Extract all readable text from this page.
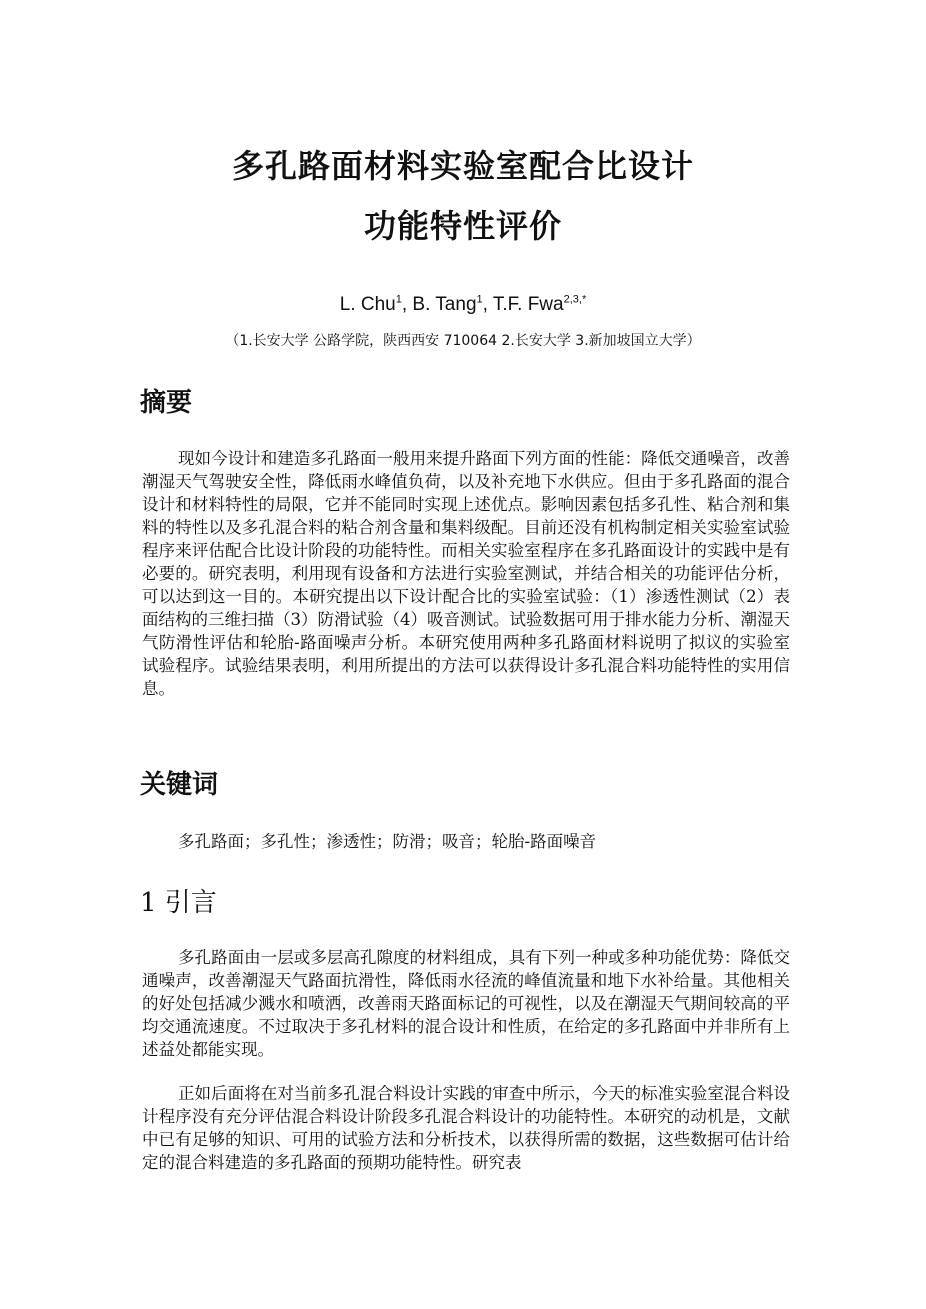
多孔路面材料实验室配合比设计
功能特性评价
L. Chu$^1$, B. Tang$^1$, T.F. Fwa$^{2,3,*}$
（1.长安大学 公路学院，陕西西安 710064 2.长安大学 3.新加坡国立大学）
摘要

现如今设计和建造多孔路面一般用来提升路面下列方面的性能：降低交通噪音，改善潮湿天气驾驶安全性，降低雨水峰值负荷，以及补充地下水供应。但由于多孔路面的混合设计和材料特性的局限，它并不能同时实现上述优点。影响因素包括多孔性、粘合剂和集料的特性以及多孔混合料的粘合剂含量和集料级配。目前还没有机构制定相关实验室试验程序来评估配合比设计阶段的功能特性。而相关实验室程序在多孔路面设计的实践中是有必要的。研究表明，利用现有设备和方法进行实验室测试，并结合相关的功能评估分析，可以达到这一目的。本研究提出以下设计配合比的实验室试验：（1）渗透性测试（2）表面结构的三维扫描（3）防滑试验（4）吸音测试。试验数据可用于排水能力分析、潮湿天气防滑性评估和轮胎-路面噪声分析。本研究使用两种多孔路面材料说明了拟议的实验室试验程序。试验结果表明，利用所提出的方法可以获得设计多孔混合料功能特性的实用信息。

关键词

多孔路面；多孔性；渗透性；防滑；吸音；轮胎-路面噪音

1 引言

多孔路面由一层或多层高孔隙度的材料组成，具有下列一种或多种功能优势：降低交通噪声，改善潮湿天气路面抗滑性，降低雨水径流的峰值流量和地下水补给量。其他相关的好处包括减少溅水和喷洒，改善雨天路面标记的可视性，以及在潮湿天气期间较高的平均交通流速度。不过取决于多孔材料的混合设计和性质，在给定的多孔路面中并非所有上述益处都能实现。

正如后面将在对当前多孔混合料设计实践的审查中所示，今天的标准实验室混合料设计程序没有充分评估混合料设计阶段多孔混合料设计的功能特性。本研究的动机是，文献中已有足够的知识、可用的试验方法和分析技术，以获得所需的数据，这些数据可估计给定的混合料建造的多孔路面的预期功能特性。研究表
